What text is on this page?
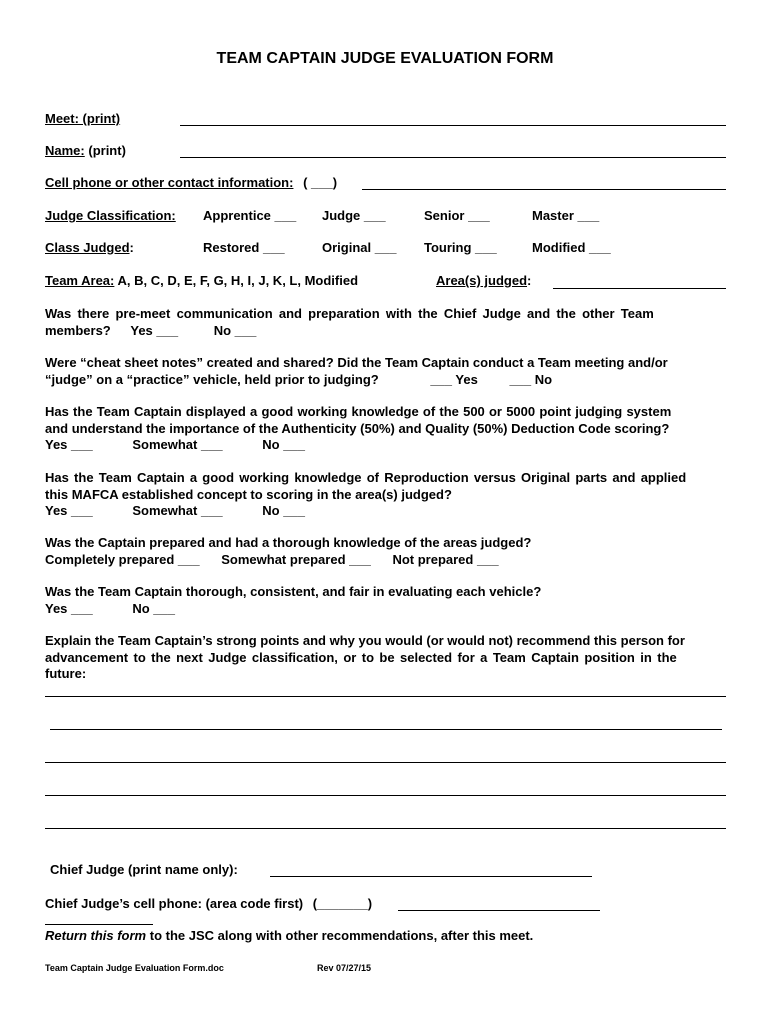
TEAM CAPTAIN JUDGE EVALUATION FORM
Meet: (print)
Name: (print)
Cell phone or other contact information: ( ___)
Judge Classification: Apprentice ___ Judge ___	Senior ___	Master ___
Class Judged:	Restored ___	Original ___ Touring ___	Modified ___
Team Area: A, B, C, D, E, F, G, H, I, J, K, L, Modified	Area(s) judged:
Was there pre-meet communication and preparation with the Chief Judge and the other Team
members? Yes ___	No ___
Were “cheat sheet notes” created and shared? Did the Team Captain conduct a Team meeting and/or
“judge” on a “practice” vehicle, held prior to judging?	___ Yes ___ No
Has the Team Captain displayed a good working knowledge of the 500 or 5000 point judging system
and understand the importance of the Authenticity (50%) and Quality (50%) Deduction Code scoring?
Yes ___	Somewhat ___	No ___
Has the Team Captain a good working knowledge of Reproduction versus Original parts and applied
this MAFCA established concept to scoring in the area(s) judged?
Yes ___	Somewhat ___	No ___
Was the Captain prepared and had a thorough knowledge of the areas judged?
Completely prepared ___ Somewhat prepared ___ Not prepared ___
Was the Team Captain thorough, consistent, and fair in evaluating each vehicle?
Yes ___	No ___
Explain the Team Captain’s strong points and why you would (or would not) recommend this person for
advancement to the next Judge classification, or to be selected for a Team Captain position in the
future:
Chief Judge (print name only):
Chief Judge’s cell phone: (area code first) (_______)
Return this form to the JSC along with other recommendations, after this meet.
Team Captain Judge Evaluation Form.doc	Rev 07/27/15
